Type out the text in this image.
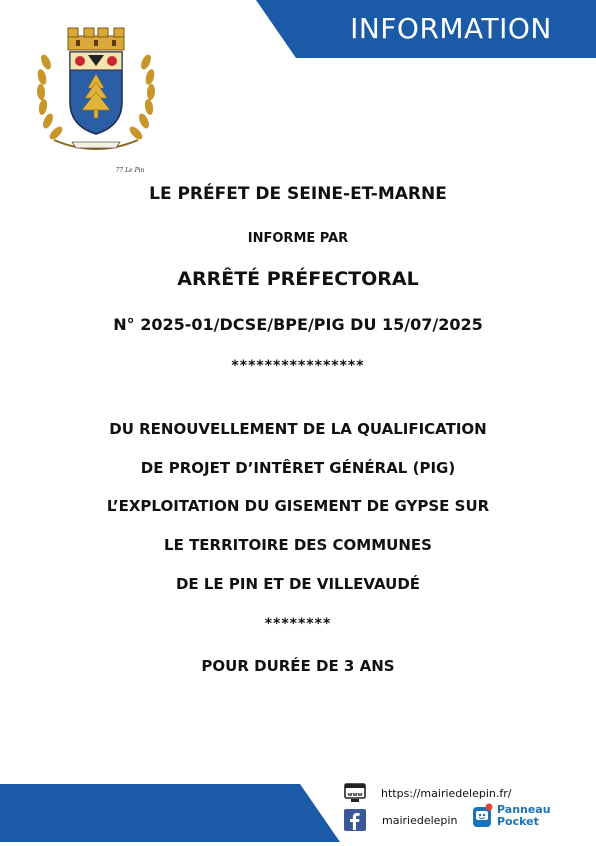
INFORMATION
77 Le Pin
LE PRÉFET DE SEINE-ET-MARNE
INFORME PAR
ARRÊTÉ PRÉFECTORAL
N° 2025-01/DCSE/BPE/PIG DU 15/07/2025
****************
DU RENOUVELLEMENT DE LA QUALIFICATION
DE PROJET D’INTÊRET GÉNÉRAL (PIG)
L’EXPLOITATION DU GISEMENT DE GYPSE SUR
LE TERRITOIRE DES COMMUNES
DE LE PIN ET DE VILLEVAUDÉ
********
POUR DURÉE DE 3 ANS
www https://mairiedelepin.fr/
mairiedelepin
Panneau
Pocket
